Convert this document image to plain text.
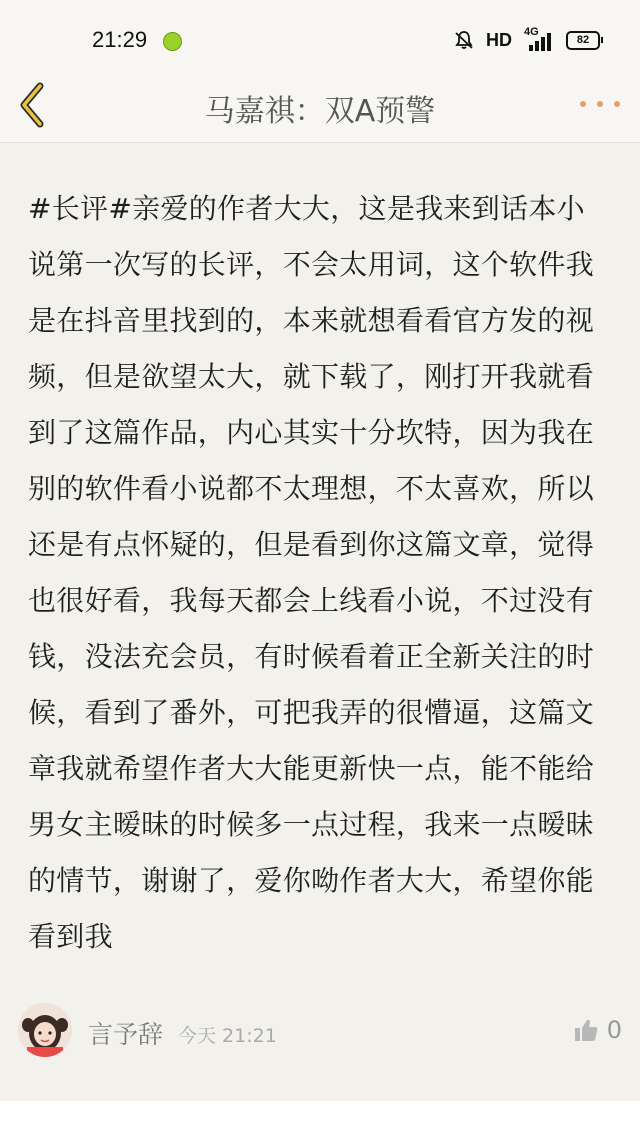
21:29	HD 4G
82
马嘉祺：双A预警
#长评#亲爱的作者大大，这是我来到话本小说第一次写的长评，不会太用词，这个软件我是在抖音里找到的，本来就想看看官方发的视频，但是欲望太大，就下载了，刚打开我就看到了这篇作品，内心其实十分坎特，因为我在别的软件看小说都不太理想，不太喜欢，所以还是有点怀疑的，但是看到你这篇文章，觉得也很好看，我每天都会上线看小说，不过没有钱，没法充会员，有时候看着正全新关注的时候，看到了番外，可把我弄的很懵逼，这篇文章我就希望作者大大能更新快一点，能不能给男女主暧昧的时候多一点过程，我来一点暧昧的情节，谢谢了，爱你呦作者大大，希望你能看到我
言予辞 今天 21:21	0
